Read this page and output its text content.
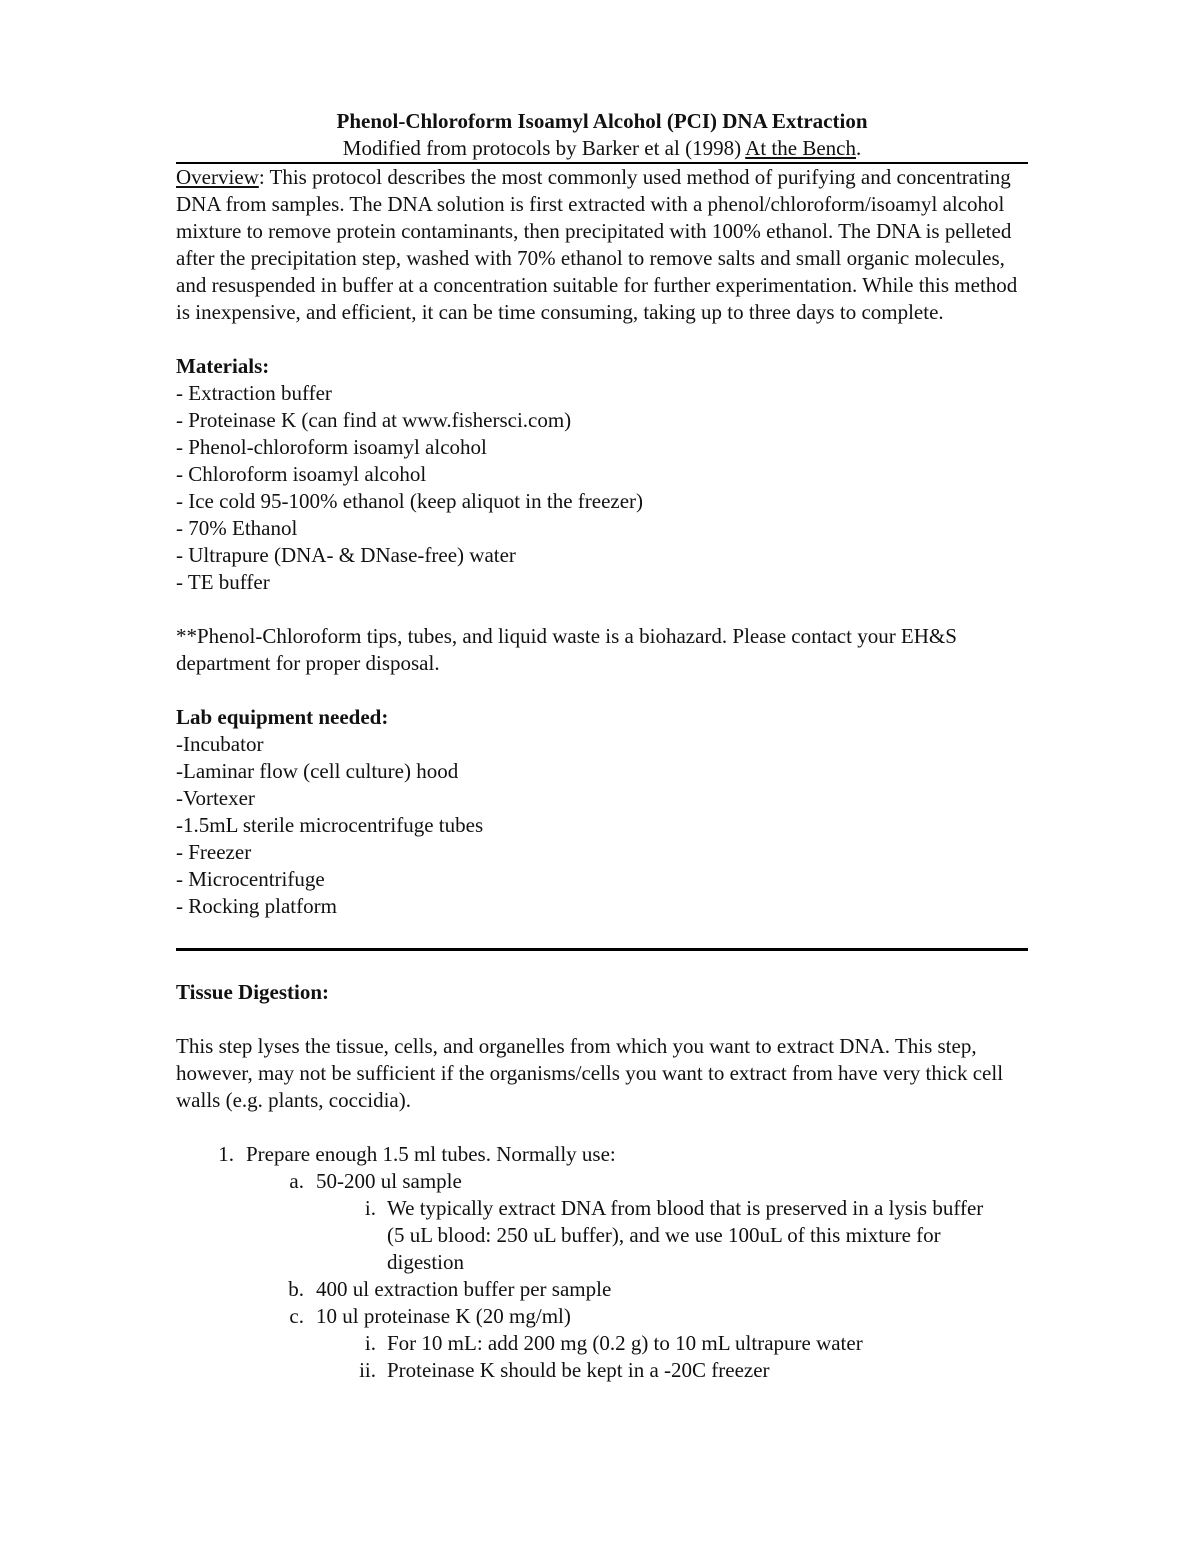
Phenol-Chloroform Isoamyl Alcohol (PCI) DNA Extraction
Modified from protocols by Barker et al (1998) At the Bench.

Overview: This protocol describes the most commonly used method of purifying and concentrating DNA from samples. The DNA solution is first extracted with a phenol/chloroform/isoamyl alcohol mixture to remove protein contaminants, then precipitated with 100% ethanol. The DNA is pelleted after the precipitation step, washed with 70% ethanol to remove salts and small organic molecules, and resuspended in buffer at a concentration suitable for further experimentation. While this method is inexpensive, and efficient, it can be time consuming, taking up to three days to complete.

Materials:
- Extraction buffer
- Proteinase K (can find at www.fishersci.com)
- Phenol-chloroform isoamyl alcohol
- Chloroform isoamyl alcohol
- Ice cold 95-100% ethanol (keep aliquot in the freezer)
- 70% Ethanol
- Ultrapure (DNA- & DNase-free) water
- TE buffer

**Phenol-Chloroform tips, tubes, and liquid waste is a biohazard. Please contact your EH&S department for proper disposal.

Lab equipment needed:
-Incubator
-Laminar flow (cell culture) hood
-Vortexer
-1.5mL sterile microcentrifuge tubes
- Freezer
- Microcentrifuge
- Rocking platform
Tissue Digestion:

This step lyses the tissue, cells, and organelles from which you want to extract DNA. This step, however, may not be sufficient if the organisms/cells you want to extract from have very thick cell walls (e.g. plants, coccidia).

1. Prepare enough 1.5 ml tubes. Normally use:
a. 50-200 ul sample
i. We typically extract DNA from blood that is preserved in a lysis buffer (5 uL blood: 250 uL buffer), and we use 100uL of this mixture for digestion
b. 400 ul extraction buffer per sample
c. 10 ul proteinase K (20 mg/ml)
i. For 10 mL: add 200 mg (0.2 g) to 10 mL ultrapure water
ii. Proteinase K should be kept in a -20C freezer
